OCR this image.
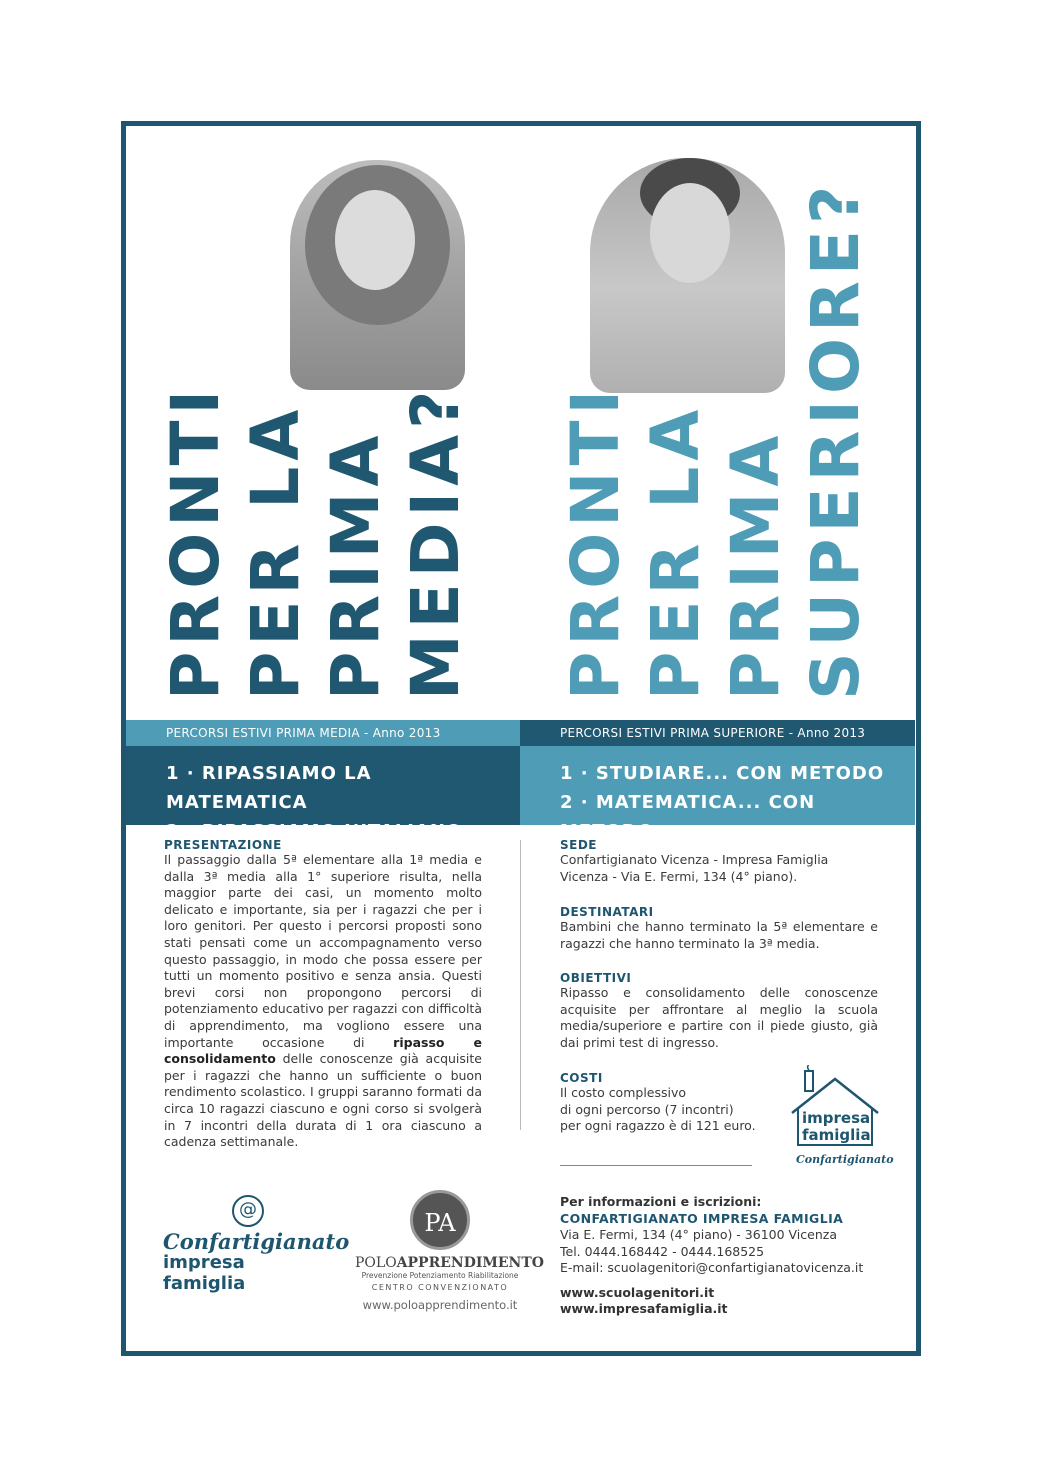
PRONTI PER LA PRIMA MEDIA? PRONTI PER LA PRIMA SUPERIORE?
PERCORSI ESTIVI PRIMA MEDIA - Anno 2013	PERCORSI ESTIVI PRIMA SUPERIORE - Anno 2013
1 · RIPASSIAMO LA MATEMATICA
2 · RIPASSIAMO L’ITALIANO
1 · STUDIARE... CON METODO
2 · MATEMATICA... CON METODO
PRESENTAZIONE
Il passaggio dalla 5ª elementare alla 1ª media e dalla 3ª media alla 1° superiore risulta, nella maggior parte dei casi, un momento molto delicato e importante, sia per i ragazzi che per i loro genitori. Per questo i percorsi proposti sono stati pensati come un accompagnamento verso questo passaggio, in modo che possa essere per tutti un momento positivo e senza ansia. Questi brevi corsi non propongono percorsi di potenziamento educativo per ragazzi con difficoltà di apprendimento, ma vogliono essere una importante occasione di ripasso e consolidamento delle conoscenze già acquisite per i ragazzi che hanno un sufficiente o buon rendimento scolastico. I gruppi saranno formati da circa 10 ragazzi ciascuno e ogni corso si svolgerà in 7 incontri della durata di 1 ora ciascuno a cadenza settimanale.
SEDE
Confartigianato Vicenza - Impresa Famiglia
Vicenza - Via E. Fermi, 134 (4° piano).
DESTINATARI
Bambini che hanno terminato la 5ª elementare e ragazzi che hanno terminato la 3ª media.
OBIETTIVI
Ripasso e consolidamento delle conoscenze acquisite per affrontare al meglio la scuola media/superiore e partire con il piede giusto, già dai primi test di ingresso.
COSTI
Il costo complessivo
di ogni percorso (7 incontri)
per ogni ragazzo è di 121 euro.	impresa
famiglia
Confartigianato
@
Confartigianato
impresa famiglia
PA
POLOAPPRENDIMENTO
Prevenzione Potenziamento Riabilitazione
CENTRO CONVENZIONATO
www.poloapprendimento.it
Per informazioni e iscrizioni:
CONFARTIGIANATO IMPRESA FAMIGLIA
Via E. Fermi, 134 (4° piano) - 36100 Vicenza
Tel. 0444.168442 - 0444.168525
E-mail: scuolagenitori@confartigianatovicenza.it
www.scuolagenitori.it
www.impresafamiglia.it
